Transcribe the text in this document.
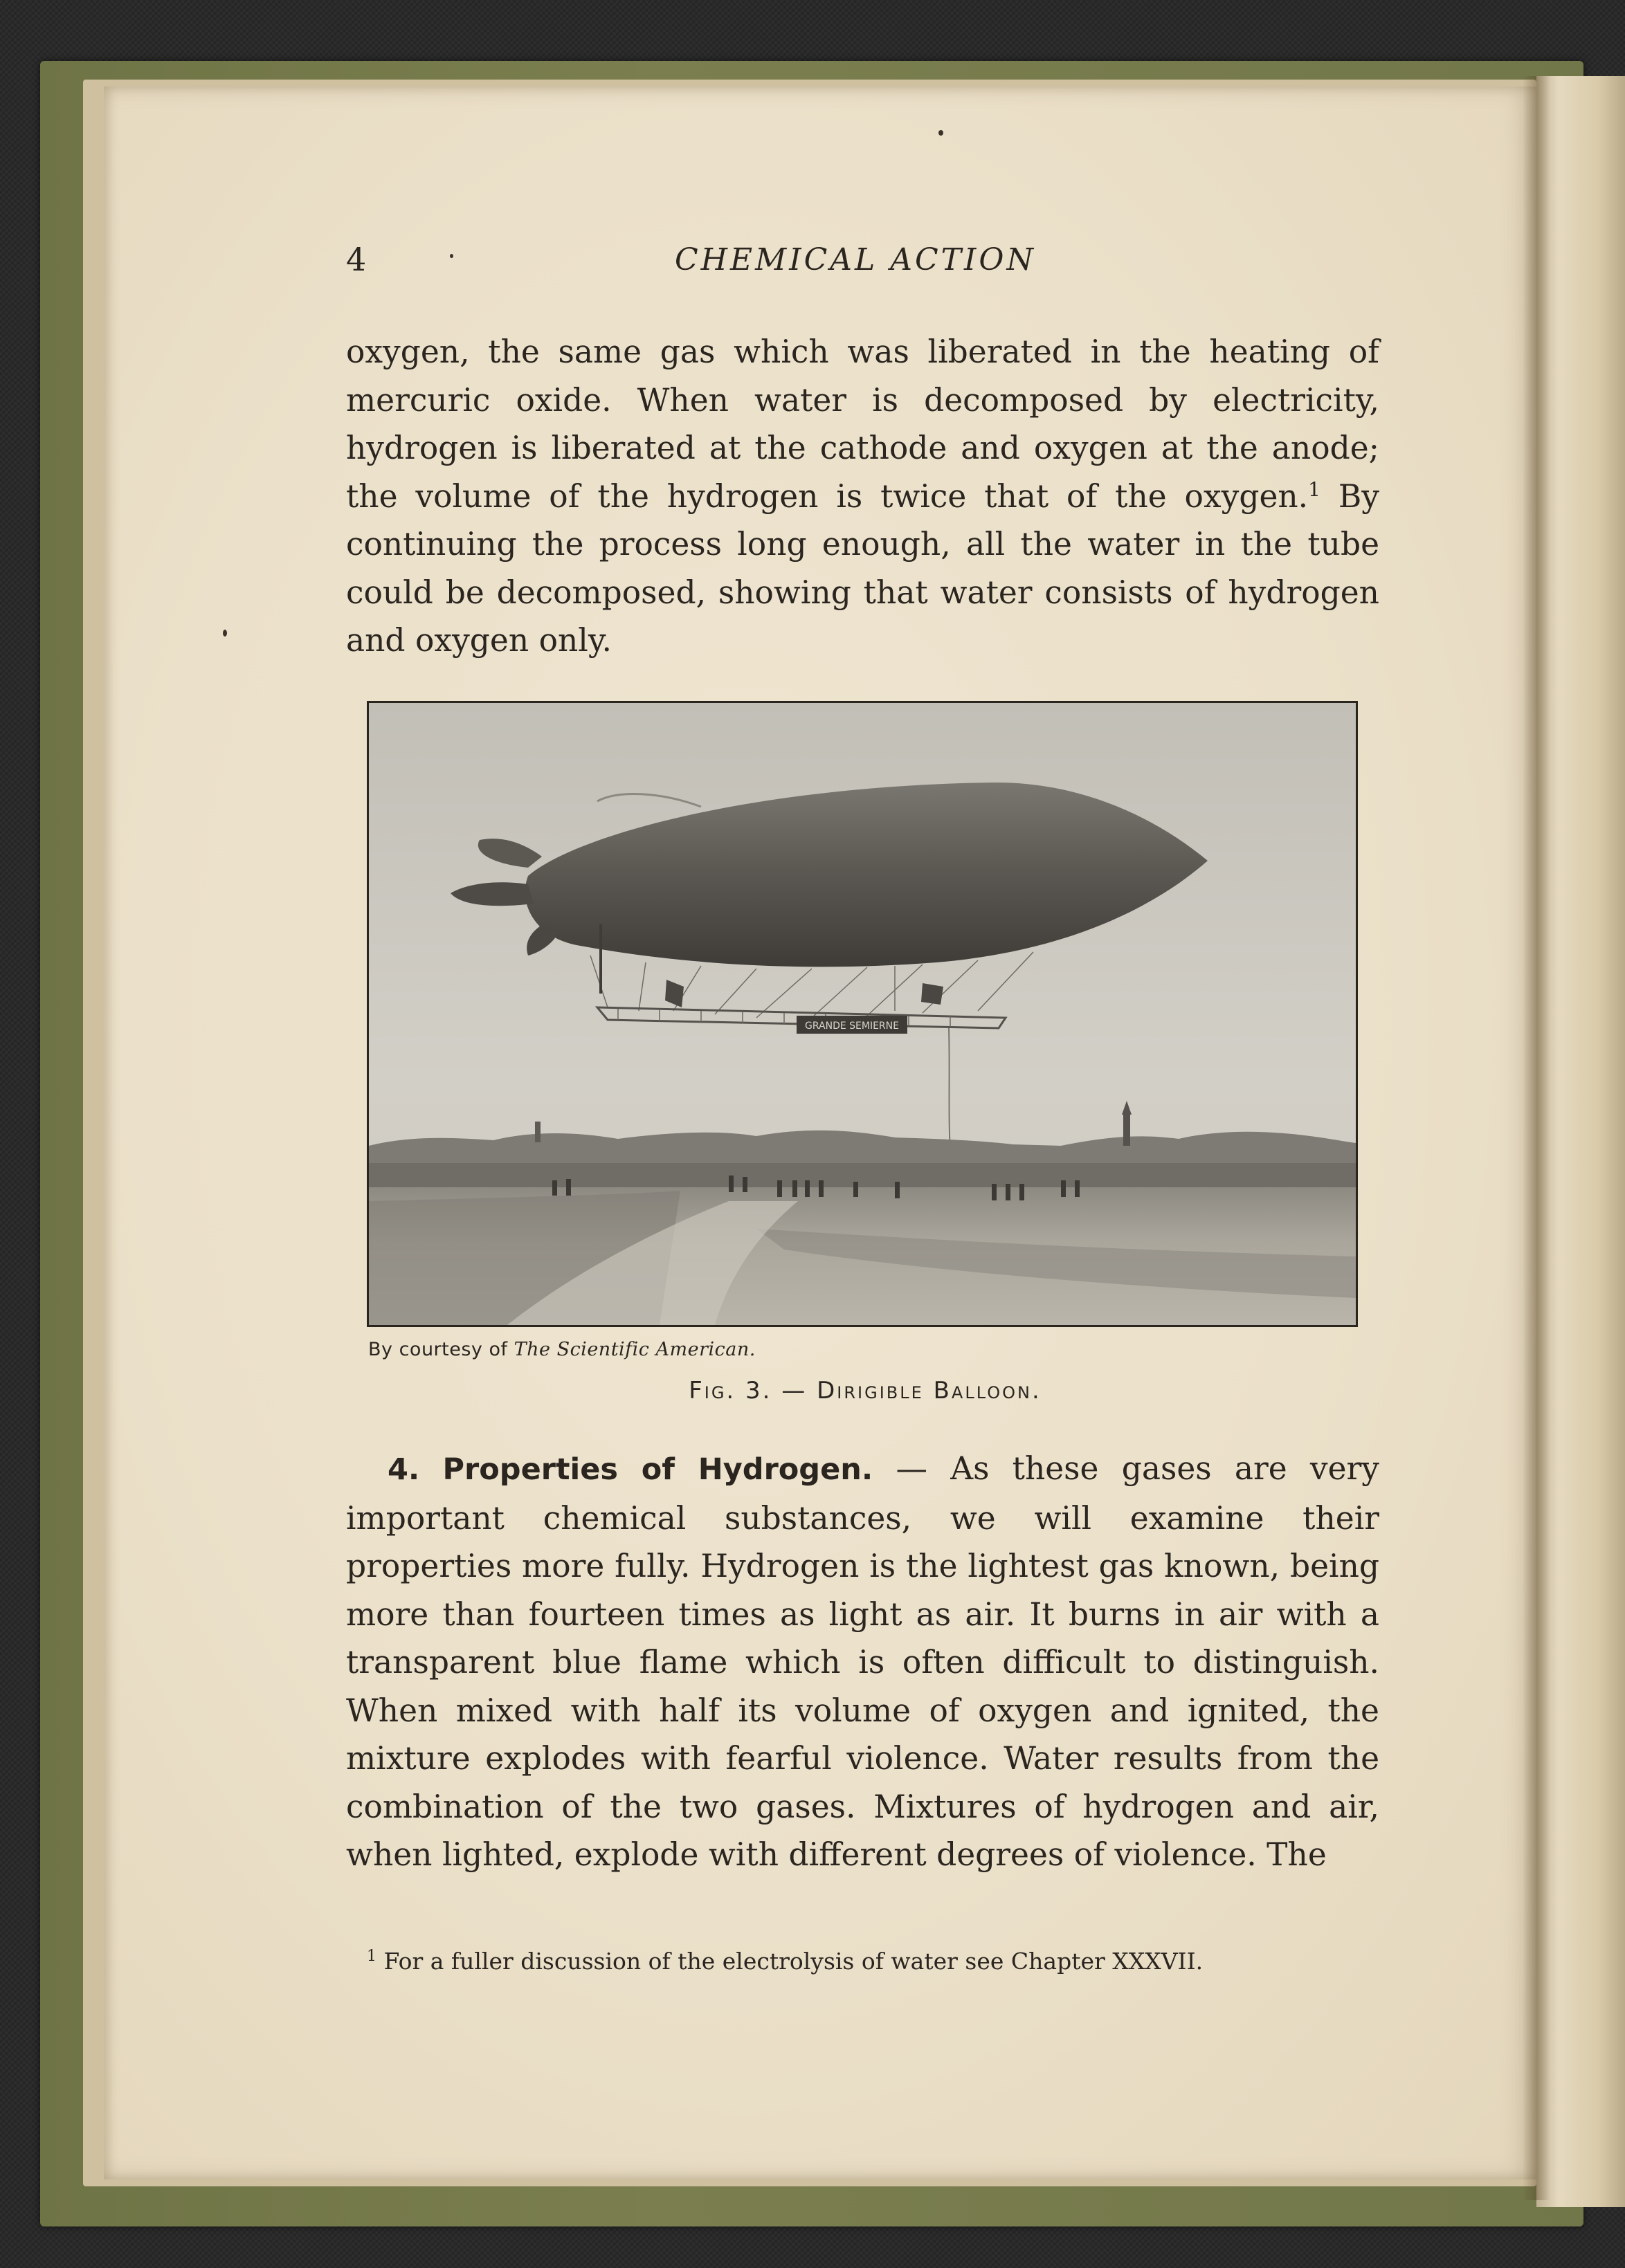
4	CHEMICAL ACTION

oxygen, the same gas which was liberated in the heating of mercuric oxide. When water is decomposed by electricity, hydrogen is liberated at the cathode and oxygen at the anode; the volume of the hydrogen is twice that of the oxygen.$^1$ By continuing the process long enough, all the water in the tube could be decomposed, showing that water consists of hydrogen and oxygen only.

GRANDE SEMIERNE
By courtesy of The Scientific American.
Fig. 3. — Dirigible Balloon.

4. Properties of Hydrogen. — As these gases are very important chemical substances, we will examine their properties more fully. Hydrogen is the lightest gas known, being more than fourteen times as light as air. It burns in air with a transparent blue flame which is often difficult to distinguish. When mixed with half its volume of oxygen and ignited, the mixture explodes with fearful violence. Water results from the combination of the two gases. Mixtures of hydrogen and air, when lighted, explode with different degrees of violence. The

$^1$ For a fuller discussion of the electrolysis of water see Chapter XXXVII.
